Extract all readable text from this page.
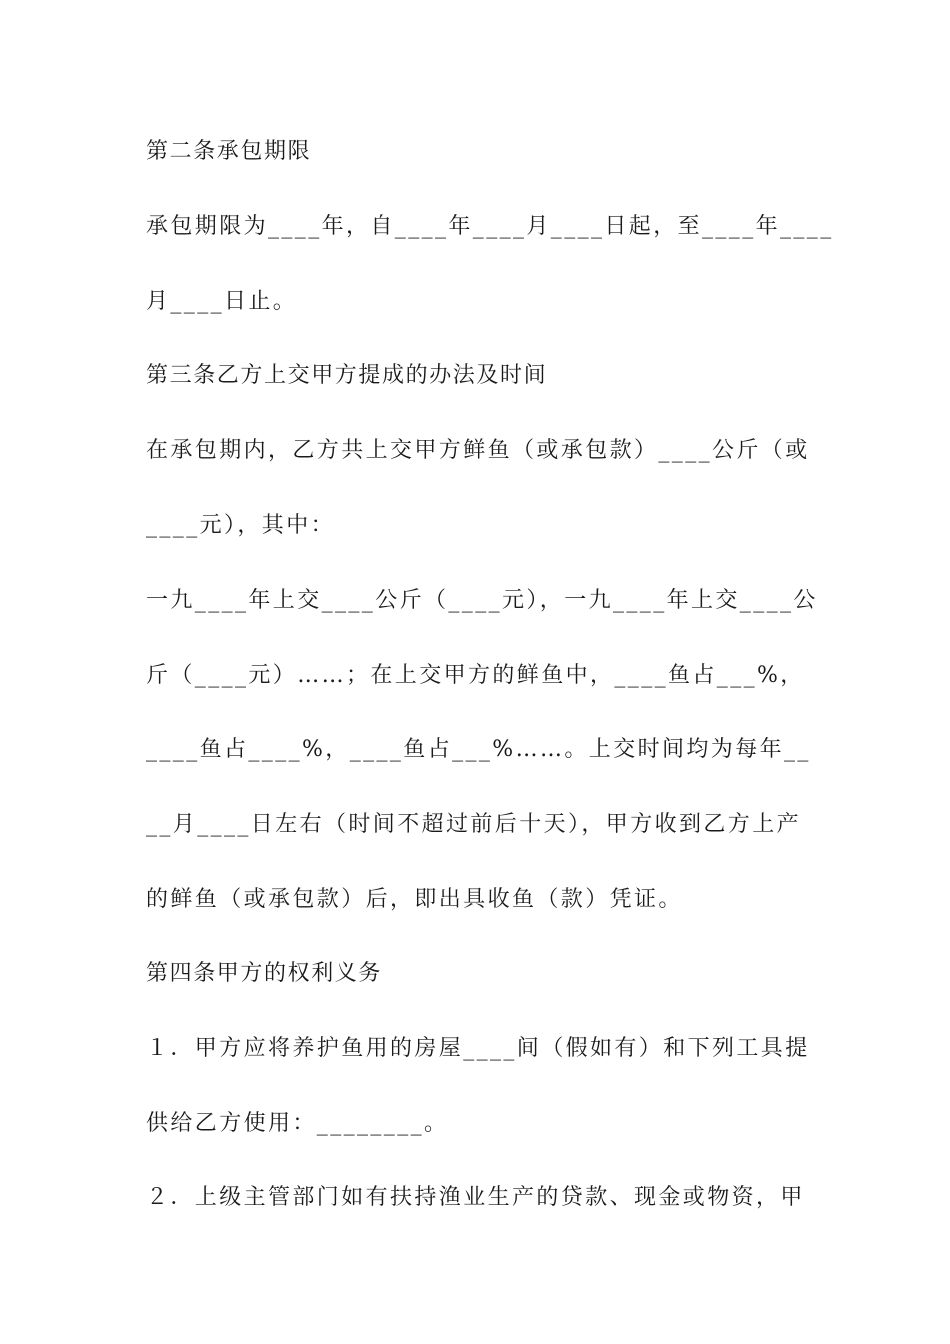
第二条承包期限
承包期限为____年，自____年____月____日起，至____年____
月____日止。
第三条乙方上交甲方提成的办法及时间
在承包期内，乙方共上交甲方鲜鱼（或承包款）____公斤（或
____元），其中：
一九____年上交____公斤（____元），一九____年上交____公
斤（____元）……；在上交甲方的鲜鱼中，____鱼占___%，
____鱼占____%，____鱼占___%……。上交时间均为每年__
__月____日左右（时间不超过前后十天），甲方收到乙方上产
的鲜鱼（或承包款）后，即出具收鱼（款）凭证。
第四条甲方的权利义务
１．甲方应将养护鱼用的房屋____间（假如有）和下列工具提
供给乙方使用：________。
２．上级主管部门如有扶持渔业生产的贷款、现金或物资，甲
